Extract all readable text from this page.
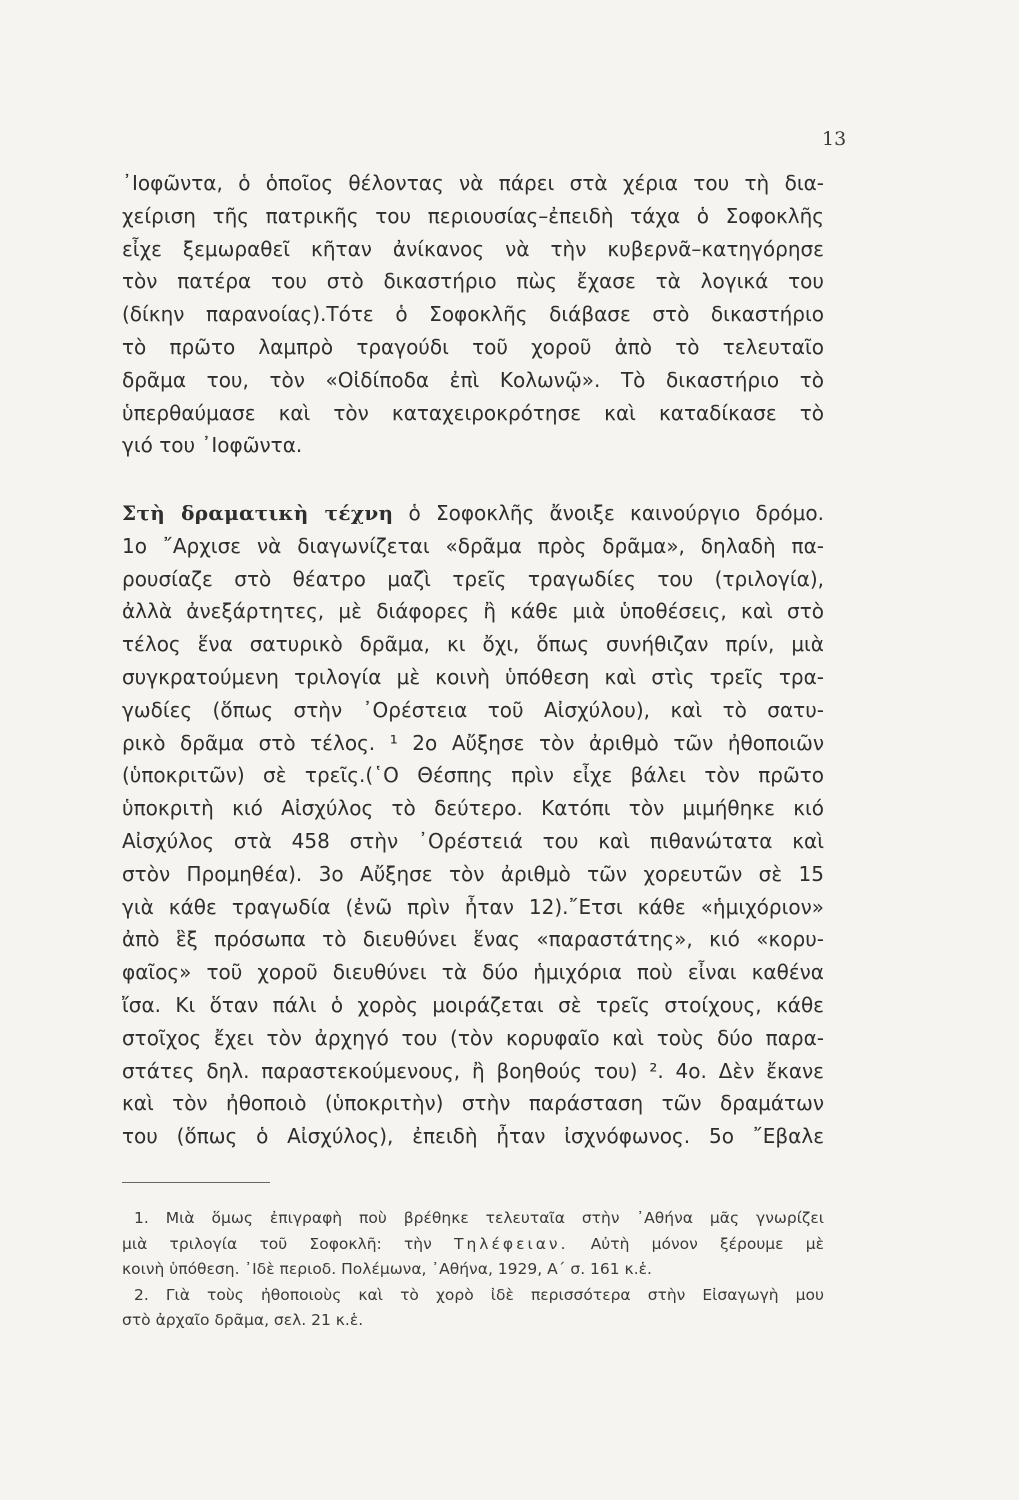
13
᾿Ιοφῶντα, ὁ ὁποῖος θέλοντας νὰ πάρει στὰ χέρια του τὴ δια-
χείριση τῆς πατρικῆς του περιουσίας–ἐπειδὴ τάχα ὁ Σοφοκλῆς
εἶχε ξεμωραθεῖ κῆταν ἀνίκανος νὰ τὴν κυβερνᾶ–κατηγόρησε
τὸν πατέρα του στὸ δικαστήριο πὼς ἔχασε τὰ λογικά του
(δίκην παρανοίας).Τότε ὁ Σοφοκλῆς διάβασε στὸ δικαστήριο
τὸ πρῶτο λαμπρὸ τραγούδι τοῦ χοροῦ ἀπὸ τὸ τελευταῖο
δρᾶμα του, τὸν «Οἰδίποδα ἐπὶ Κολωνῷ». Τὸ δικαστήριο τὸ
ὑπερθαύμασε καὶ τὸν καταχειροκρότησε καὶ καταδίκασε τὸ
γιό του ᾿Ιοφῶντα.
Στὴ δραματικὴ τέχνη ὁ Σοφοκλῆς ἄνοιξε καινούργιο δρόμο.
1ο ῎Αρχισε νὰ διαγωνίζεται «δρᾶμα πρὸς δρᾶμα», δηλαδὴ πα-
ρουσίαζε στὸ θέατρο μαζὶ τρεῖς τραγωδίες του (τριλογία),
ἀλλὰ ἀνεξάρτητες, μὲ διάφορες ἢ κάθε μιὰ ὑποθέσεις, καὶ στὸ
τέλος ἕνα σατυρικὸ δρᾶμα, κι ὄχι, ὅπως συνήθιζαν πρίν, μιὰ
συγκρατούμενη τριλογία μὲ κοινὴ ὑπόθεση καὶ στὶς τρεῖς τρα-
γωδίες (ὅπως στὴν ᾿Ορέστεια τοῦ Αἰσχύλου), καὶ τὸ σατυ-
ρικὸ δρᾶμα στὸ τέλος. ¹ 2ο Αὔξησε τὸν ἀριθμὸ τῶν ἠθοποιῶν
(ὑποκριτῶν) σὲ τρεῖς.(῾Ο Θέσπης πρὶν εἶχε βάλει τὸν πρῶτο
ὑποκριτὴ κιό Αἰσχύλος τὸ δεύτερο. Κατόπι τὸν μιμήθηκε κιό
Αἰσχύλος στὰ 458 στὴν ᾿Ορέστειά του καὶ πιθανώτατα καὶ
στὸν Προμηθέα). 3ο Αὔξησε τὸν ἀριθμὸ τῶν χορευτῶν σὲ 15
γιὰ κάθε τραγωδία (ἐνῶ πρὶν ἦταν 12).῎Ετσι κάθε «ἡμιχόριον»
ἀπὸ ἓξ πρόσωπα τὸ διευθύνει ἕνας «παραστάτης», κιό «κορυ-
φαῖος» τοῦ χοροῦ διευθύνει τὰ δύο ἡμιχόρια ποὺ εἶναι καθένα
ἴσα. Κι ὅταν πάλι ὁ χορὸς μοιράζεται σὲ τρεῖς στοίχους, κάθε
στοῖχος ἔχει τὸν ἀρχηγό του (τὸν κορυφαῖο καὶ τοὺς δύο παρα-
στάτες δηλ. παραστεκούμενους, ἢ βοηθούς του) ². 4ο. Δὲν ἔκανε
καὶ τὸν ἠθοποιὸ (ὑποκριτὴν) στὴν παράσταση τῶν δραμάτων
του (ὅπως ὁ Αἰσχύλος), ἐπειδὴ ἦταν ἰσχνόφωνος. 5ο ῎Εβαλε
1. Μιὰ ὅμως ἐπιγραφὴ ποὺ βρέθηκε τελευταῖα στὴν ᾿Αθήνα μᾶς γνωρίζει
μιὰ τριλογία τοῦ Σοφοκλῆ: τὴν Τηλέφειαν. Αὐτὴ μόνον ξέρουμε μὲ
κοινὴ ὑπόθεση. ᾿Ιδὲ περιοδ. Πολέμωνα, ᾿Αθήνα, 1929, Α΄ σ. 161 κ.ἑ.
2. Γιὰ τοὺς ἠθοποιοὺς καὶ τὸ χορὸ ἰδὲ περισσότερα στὴν Εἰσαγωγὴ μου
στὸ ἀρχαῖο δρᾶμα, σελ. 21 κ.ἑ.
